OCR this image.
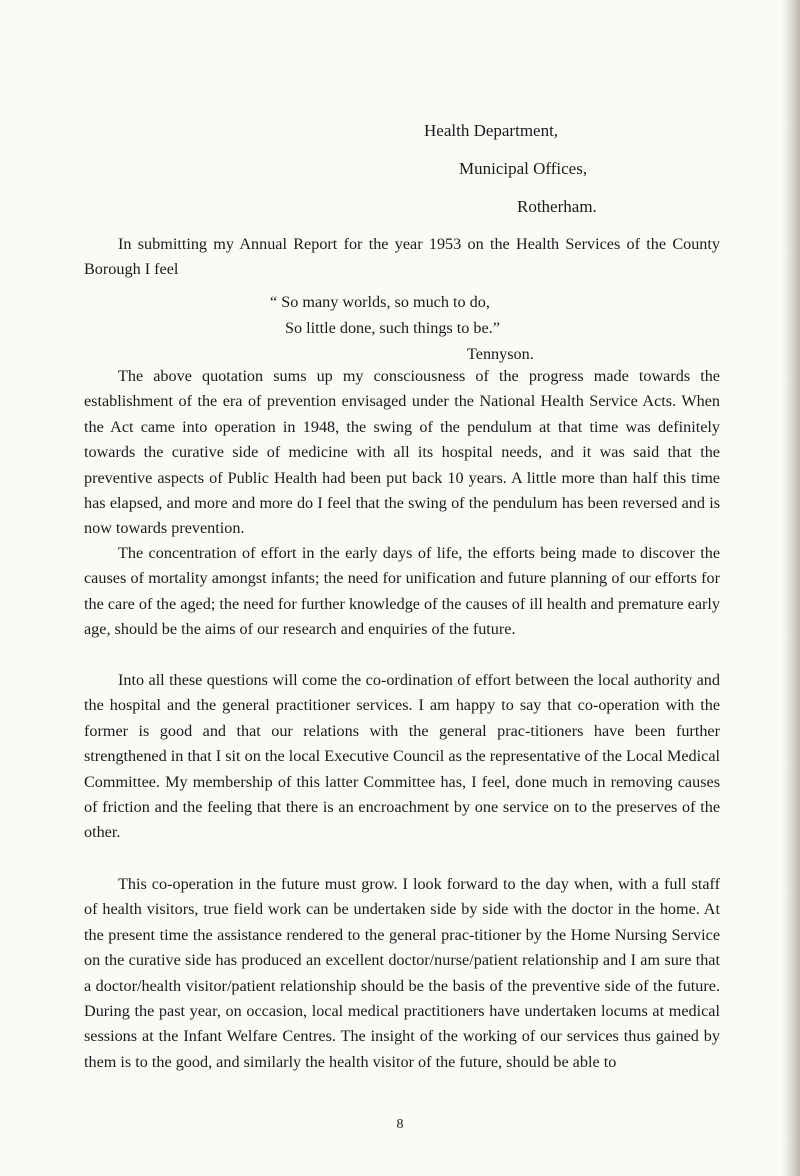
Health Department,
Municipal Offices,
Rotherham.

In submitting my Annual Report for the year 1953 on the Health Services of the County Borough I feel

“ So many worlds, so much to do,
So little done, such things to be.”
Tennyson.

The above quotation sums up my consciousness of the progress made towards the establishment of the era of prevention envisaged under the National Health Service Acts. When the Act came into operation in 1948, the swing of the pendulum at that time was definitely towards the curative side of medicine with all its hospital needs, and it was said that the preventive aspects of Public Health had been put back 10 years. A little more than half this time has elapsed, and more and more do I feel that the swing of the pendulum has been reversed and is now towards prevention.

The concentration of effort in the early days of life, the efforts being made to discover the causes of mortality amongst infants; the need for unification and future planning of our efforts for the care of the aged; the need for further knowledge of the causes of ill health and premature early age, should be the aims of our research and enquiries of the future.

Into all these questions will come the co-ordination of effort between the local authority and the hospital and the general practitioner services. I am happy to say that co-operation with the former is good and that our relations with the general prac-titioners have been further strengthened in that I sit on the local Executive Council as the representative of the Local Medical Committee. My membership of this latter Committee has, I feel, done much in removing causes of friction and the feeling that there is an encroachment by one service on to the preserves of the other.

This co-operation in the future must grow. I look forward to the day when, with a full staff of health visitors, true field work can be undertaken side by side with the doctor in the home. At the present time the assistance rendered to the general prac-titioner by the Home Nursing Service on the curative side has produced an excellent doctor/nurse/patient relationship and I am sure that a doctor/health visitor/patient relationship should be the basis of the preventive side of the future. During the past year, on occasion, local medical practitioners have undertaken locums at medical sessions at the Infant Welfare Centres. The insight of the working of our services thus gained by them is to the good, and similarly the health visitor of the future, should be able to

8
